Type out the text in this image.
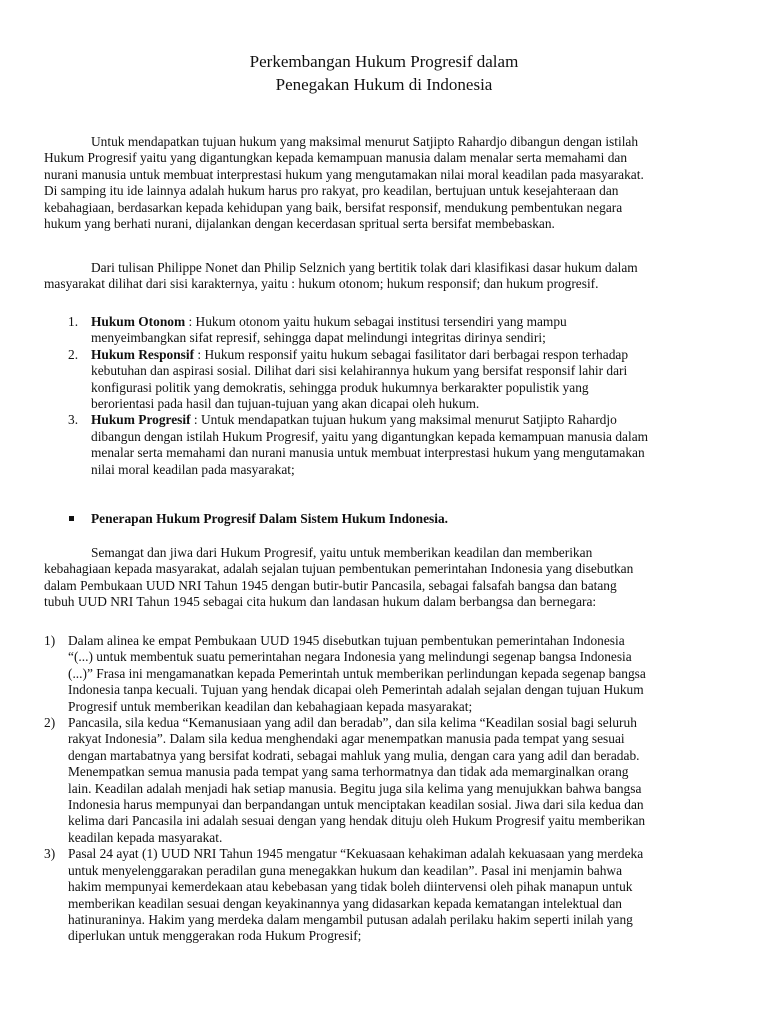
Perkembangan Hukum Progresif dalam
Penegakan Hukum di Indonesia
Untuk mendapatkan tujuan hukum yang maksimal menurut Satjipto Rahardjo dibangun dengan istilah
Hukum Progresif yaitu yang digantungkan kepada kemampuan manusia dalam menalar serta memahami dan
nurani manusia untuk membuat interprestasi hukum yang mengutamakan nilai moral keadilan pada masyarakat.
Di samping itu ide lainnya adalah hukum harus pro rakyat, pro keadilan, bertujuan untuk kesejahteraan dan
kebahagiaan, berdasarkan kepada kehidupan yang baik, bersifat responsif, mendukung pembentukan negara
hukum yang berhati nurani, dijalankan dengan kecerdasan spritual serta bersifat membebaskan.
Dari tulisan Philippe Nonet dan Philip Selznich yang bertitik tolak dari klasifikasi dasar hukum dalam
masyarakat dilihat dari sisi karakternya, yaitu : hukum otonom; hukum responsif; dan hukum progresif.
1. Hukum Otonom : Hukum otonom yaitu hukum sebagai institusi tersendiri yang mampu
menyeimbangkan sifat represif, sehingga dapat melindungi integritas dirinya sendiri;
2. Hukum Responsif : Hukum responsif yaitu hukum sebagai fasilitator dari berbagai respon terhadap
kebutuhan dan aspirasi sosial. Dilihat dari sisi kelahirannya hukum yang bersifat responsif lahir dari
konfigurasi politik yang demokratis, sehingga produk hukumnya berkarakter populistik yang
berorientasi pada hasil dan tujuan-tujuan yang akan dicapai oleh hukum.
3. Hukum Progresif : Untuk mendapatkan tujuan hukum yang maksimal menurut Satjipto Rahardjo
dibangun dengan istilah Hukum Progresif, yaitu yang digantungkan kepada kemampuan manusia dalam
menalar serta memahami dan nurani manusia untuk membuat interprestasi hukum yang mengutamakan
nilai moral keadilan pada masyarakat;
Penerapan Hukum Progresif Dalam Sistem Hukum Indonesia.
Semangat dan jiwa dari Hukum Progresif, yaitu untuk memberikan keadilan dan memberikan
kebahagiaan kepada masyarakat, adalah sejalan tujuan pembentukan pemerintahan Indonesia yang disebutkan
dalam Pembukaan UUD NRI Tahun 1945 dengan butir-butir Pancasila, sebagai falsafah bangsa dan batang
tubuh UUD NRI Tahun 1945 sebagai cita hukum dan landasan hukum dalam berbangsa dan bernegara:
1) Dalam alinea ke empat Pembukaan UUD 1945 disebutkan tujuan pembentukan pemerintahan Indonesia
“(...) untuk membentuk suatu pemerintahan negara Indonesia yang melindungi segenap bangsa Indonesia
(...)” Frasa ini mengamanatkan kepada Pemerintah untuk memberikan perlindungan kepada segenap bangsa
Indonesia tanpa kecuali. Tujuan yang hendak dicapai oleh Pemerintah adalah sejalan dengan tujuan Hukum
Progresif untuk memberikan keadilan dan kebahagiaan kepada masyarakat;
2) Pancasila, sila kedua “Kemanusiaan yang adil dan beradab”, dan sila kelima “Keadilan sosial bagi seluruh
rakyat Indonesia”. Dalam sila kedua menghendaki agar menempatkan manusia pada tempat yang sesuai
dengan martabatnya yang bersifat kodrati, sebagai mahluk yang mulia, dengan cara yang adil dan beradab.
Menempatkan semua manusia pada tempat yang sama terhormatnya dan tidak ada memarginalkan orang
lain. Keadilan adalah menjadi hak setiap manusia. Begitu juga sila kelima yang menujukkan bahwa bangsa
Indonesia harus mempunyai dan berpandangan untuk menciptakan keadilan sosial. Jiwa dari sila kedua dan
kelima dari Pancasila ini adalah sesuai dengan yang hendak dituju oleh Hukum Progresif yaitu memberikan
keadilan kepada masyarakat.
3) Pasal 24 ayat (1) UUD NRI Tahun 1945 mengatur “Kekuasaan kehakiman adalah kekuasaan yang merdeka
untuk menyelenggarakan peradilan guna menegakkan hukum dan keadilan”. Pasal ini menjamin bahwa
hakim mempunyai kemerdekaan atau kebebasan yang tidak boleh diintervensi oleh pihak manapun untuk
memberikan keadilan sesuai dengan keyakinannya yang didasarkan kepada kematangan intelektual dan
hatinuraninya. Hakim yang merdeka dalam mengambil putusan adalah perilaku hakim seperti inilah yang
diperlukan untuk menggerakan roda Hukum Progresif;
